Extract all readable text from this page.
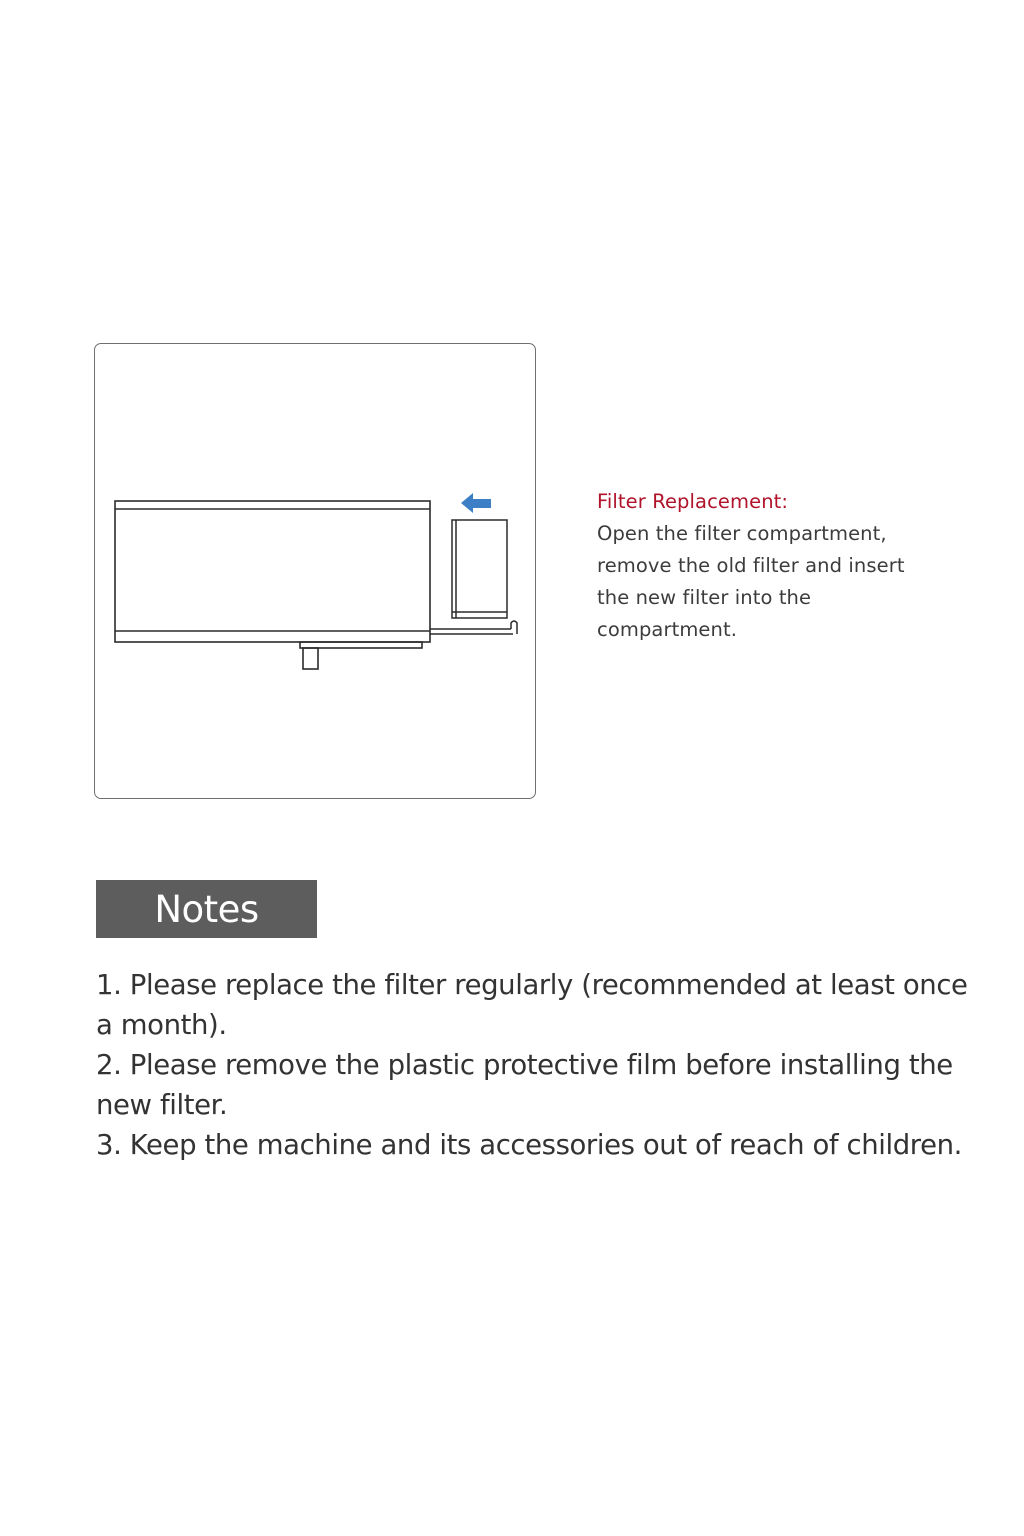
Filter Replacement:
Open the filter compartment,
remove the old filter and insert
the new filter into the
compartment.
Notes
1. Please replace the filter regularly (recommended at least once a month).
2. Please remove the plastic protective film before installing the new filter.
3. Keep the machine and its accessories out of reach of children.
